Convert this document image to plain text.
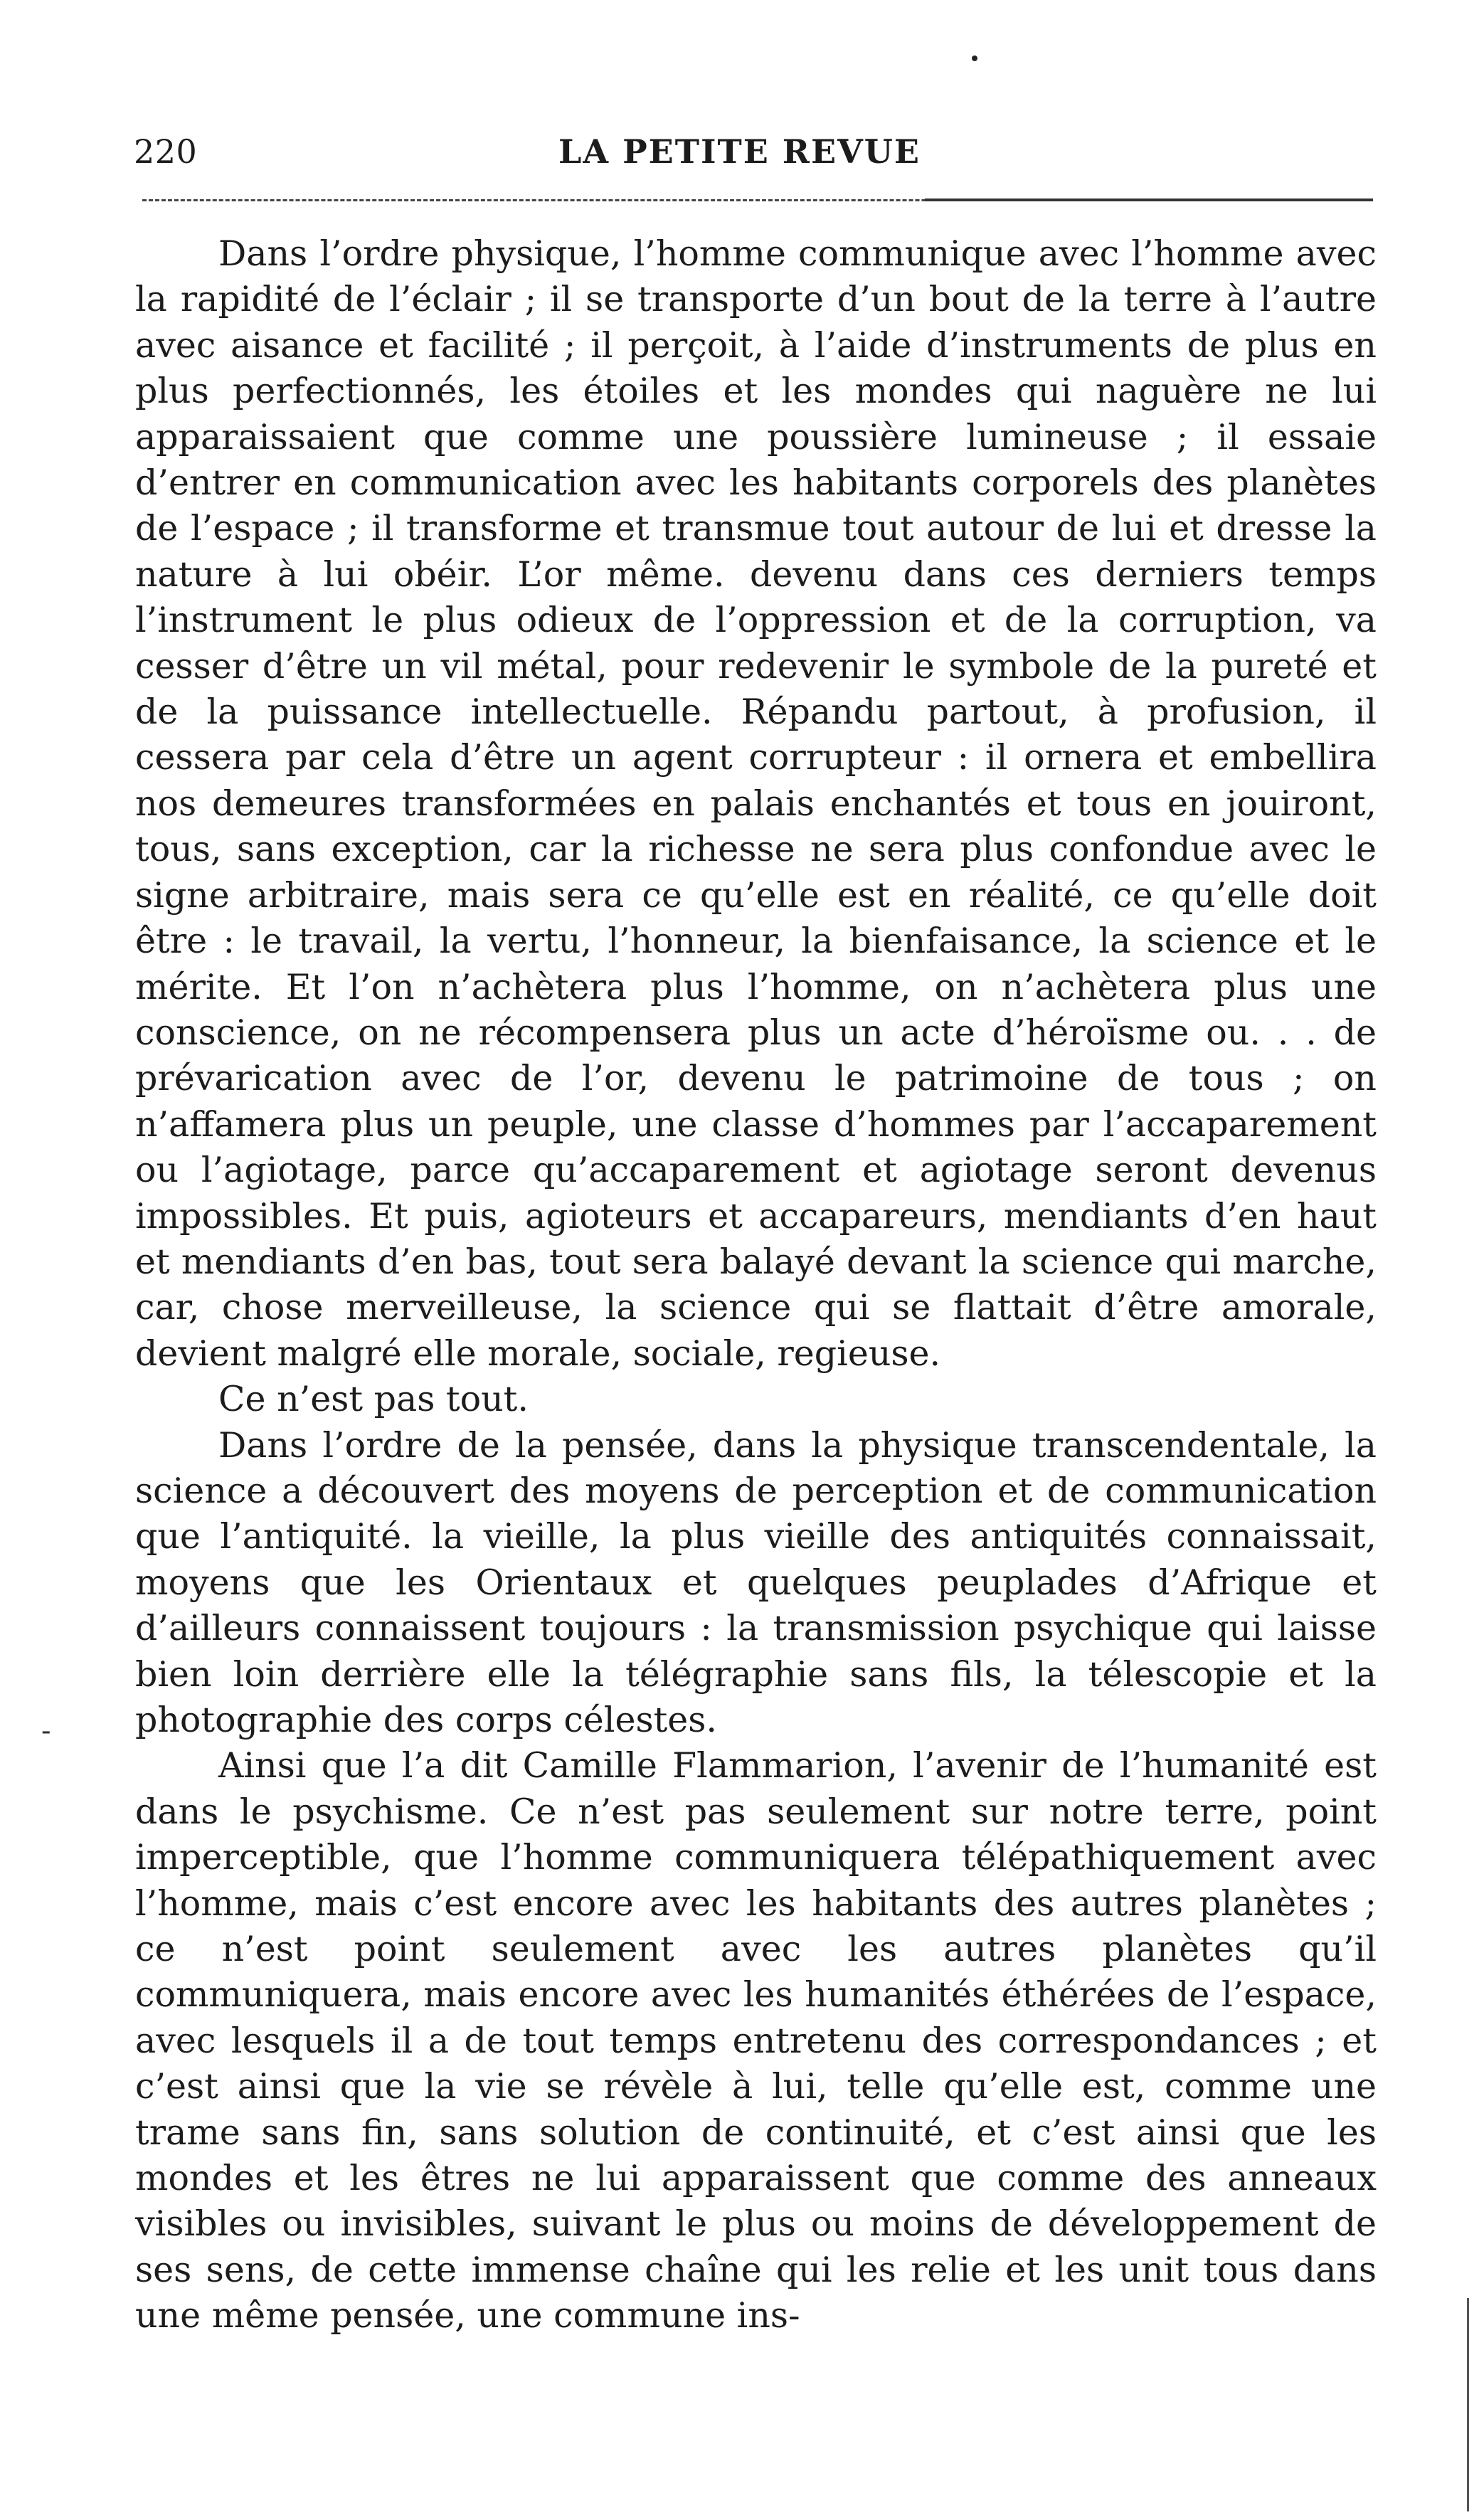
220	LA PETITE REVUE
-

Dans l’ordre physique, l’homme communique avec l’homme avec la rapidité de l’éclair ; il se transporte d’un bout de la terre à l’autre avec aisance et facilité ; il perçoit, à l’aide d’instruments de plus en plus perfectionnés, les étoiles et les mondes qui naguère ne lui apparaissaient que comme une poussière lumineuse ; il essaie d’entrer en communication avec les habitants corporels des planètes de l’espace ; il transforme et transmue tout autour de lui et dresse la nature à lui obéir. L’or même. devenu dans ces derniers temps l’instrument le plus odieux de l’oppression et de la corruption, va cesser d’être un vil métal, pour redevenir le symbole de la pureté et de la puissance intellectuelle. Répandu partout, à profusion, il cessera par cela d’être un agent corrupteur : il ornera et embellira nos demeures transformées en palais enchantés et tous en jouiront, tous, sans exception, car la richesse ne sera plus confondue avec le signe arbitraire, mais sera ce qu’elle est en réalité, ce qu’elle doit être : le travail, la vertu, l’honneur, la bienfaisance, la science et le mérite. Et l’on n’achètera plus l’homme, on n’achètera plus une conscience, on ne récompensera plus un acte d’héroïsme ou. . . de prévarication avec de l’or, devenu le patrimoine de tous ; on n’affamera plus un peuple, une classe d’hommes par l’accaparement ou l’agiotage, parce qu’accaparement et agiotage seront devenus impossibles. Et puis, agioteurs et accapareurs, mendiants d’en haut et mendiants d’en bas, tout sera balayé devant la science qui marche, car, chose merveilleuse, la science qui se flattait d’être amorale, devient malgré elle morale, sociale, regieuse.

Ce n’est pas tout.

Dans l’ordre de la pensée, dans la physique transcendentale, la science a découvert des moyens de perception et de communication que l’antiquité. la vieille, la plus vieille des antiquités connaissait, moyens que les Orientaux et quelques peuplades d’Afrique et d’ailleurs connaissent toujours : la transmission psychique qui laisse bien loin derrière elle la télégraphie sans fils, la télescopie et la photographie des corps célestes.

Ainsi que l’a dit Camille Flammarion, l’avenir de l’humanité est dans le psychisme. Ce n’est pas seulement sur notre terre, point imperceptible, que l’homme communiquera télépathiquement avec l’homme, mais c’est encore avec les habitants des autres planètes ; ce n’est point seulement avec les autres planètes qu’il communiquera, mais encore avec les humanités éthérées de l’espace, avec lesquels il a de tout temps entretenu des correspondances ; et c’est ainsi que la vie se révèle à lui, telle qu’elle est, comme une trame sans fin, sans solution de continuité, et c’est ainsi que les mondes et les êtres ne lui apparaissent que comme des anneaux visibles ou invisibles, suivant le plus ou moins de développement de ses sens, de cette immense chaîne qui les relie et les unit tous dans une même pensée, une commune ins-
